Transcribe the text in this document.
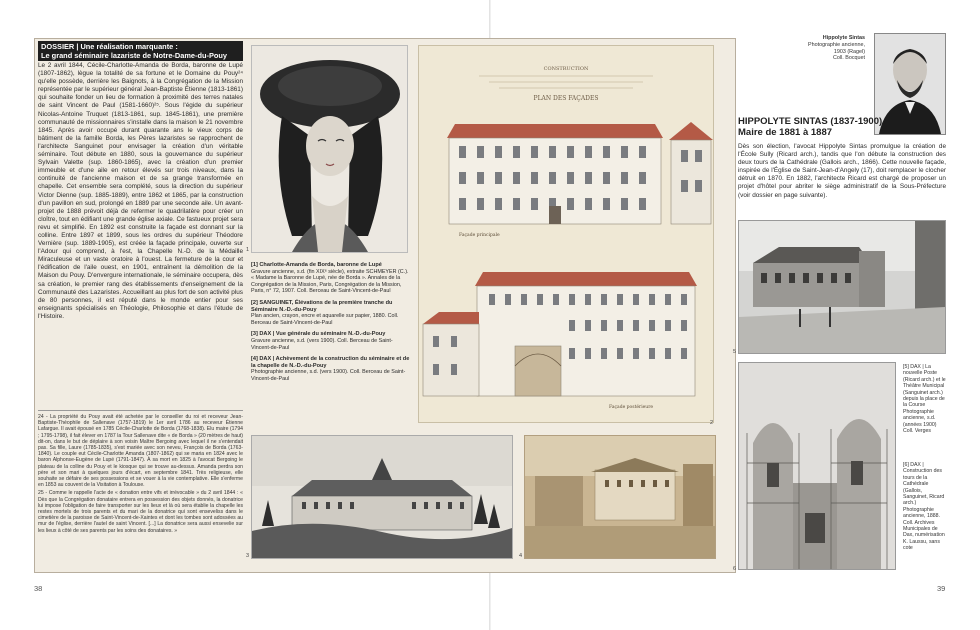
DOSSIER | Une réalisation marquante :
Le grand séminaire lazariste de Notre-Dame-du-Pouy

Le 2 avril 1844, Cécile-Charlotte-Amanda de Borda, baronne de Lupé (1807-1862), lègue la totalité de sa fortune et le Domaine du Pouy²⁴ qu'elle possède, derrière les Baignots, à la Congrégation de la Mission représentée par le supérieur général Jean-Baptiste Étienne (1813-1861) qui souhaite fonder un lieu de formation à proximité des terres natales de saint Vincent de Paul (1581-1660)²⁵. Sous l'égide du supérieur Nicolas-Antoine Truquet (1813-1861, sup. 1845-1861), une première communauté de missionnaires s'installe dans la maison le 21 novembre 1845. Après avoir occupé durant quarante ans le vieux corps de bâtiment de la famille Borda, les Pères lazaristes se rapprochent de l'architecte Sanguinet pour envisager la création d'un véritable séminaire. Tout débute en 1880, sous la gouvernance du supérieur Sylvain Valette (sup. 1860-1865), avec la création d'un premier immeuble et d'une aile en retour élevés sur trois niveaux, dans la continuité de l'ancienne maison et de sa grange transformée en chapelle. Cet ensemble sera complété, sous la direction du supérieur Victor Dienne (sup. 1885-1889), entre 1862 et 1865, par la construction d'un pavillon en sud, prolongé en 1889 par une seconde aile. Un avant-projet de 1888 prévoit déjà de refermer le quadrilatère pour créer un cloître, tout en édifiant une grande église axiale. Ce fastueux projet sera revu et simplifié. En 1892 est construite la façade est donnant sur la colline. Entre 1897 et 1899, sous les ordres du supérieur Théodore Vernière (sup. 1889-1905), est créée la façade principale, ouverte sur l'Adour qui comprend, à l'est, la Chapelle N.-D. de la Médaille Miraculeuse et un vaste oratoire à l'ouest. La fermeture de la cour et l'édification de l'aile ouest, en 1901, entraînent la démolition de la Maison du Pouy. D'envergure internationale, le séminaire occupera, dès sa création, le premier rang des établissements d'enseignement de la Communauté des Lazaristes. Accueillant au plus fort de son activité plus de 80 personnes, il est réputé dans le monde entier pour ses enseignants spécialisés en Théologie, Philosophie et dans l'étude de l'Histoire.

24 - La propriété du Pouy avait été achetée par le conseiller du roi et receveur Jean-Baptiste-Théophile de Sallenave (1757-1819) le 1er avril 1786 au receveur Étienne Lafargue. Il avait épousé en 1785 Cécile-Charlotte de Borda (1768-1838). Elu maire (1794 ; 1795-1798), il fait élever en 1787 la Tour Sallenave dite « de Borda » (20 mètres de haut) dit-on, dans le but de déplaire à son voisin Maître Bergoing avec lequel il ne s'entendait pas. Sa fille, Laure (1785-1835), s'est mariée avec son neveu, François de Borda (1763-1840). Le couple eut Cécile-Charlotte Amanda (1807-1862) qui se maria en 1824 avec le baron Alphonse-Eugène de Lupé (1791-1847). À sa mort en 1825 à l'avocat Bergoing le plateau de la colline du Pouy et le kiosque qui se trouve au-dessus. Amanda perdra son père et son mari à quelques jours d'écart, en septembre 1841. Très religieuse, elle souhaite se défaire de ses possessions et se vouer à la vie contemplative. Elle s'enferme en 1853 au couvent de la Visitation à Toulouse.

25 - Comme le rappelle l'acte de « donation entre vifs et irrévocable » du 2 avril 1844 : « Dès que la Congrégation donataire entrera en possession des objets donnés, la donatrice lui impose l'obligation de faire transporter sur les lieux et là où sera établie la chapelle les restes mortels de trois parents et du mari de la donatrice qui sont enseveliss dans le cimetière de la paroisse de Saint-Vincent-de-Xaintes et dont les tombes sont adossées au mur de l'église, derrière l'autel de saint Vincent. [...] La donatrice sera aussi ensevelie sur les lieux à côté de ses parents par les soins des donataires. »

1
CONSTRUCTION
PLAN DES FAÇADES
Façade principale
Façade postérieure
2

[1] Charlotte-Amanda de Borda, baronne de Lupé
Gravure ancienne, s.d. (fin XIXᵉ siècle), extraite SCHMEYER (C.). « Madame la Baronne de Lupé, née de Borda ». Annales de la Congrégation de la Mission, Paris, Congrégation de la Mission, Paris, n° 72, 1907. Coll. Berceau de Saint-Vincent-de-Paul

[2] SANGUINET, Élévations de la première tranche du Séminaire N.-D.-du-Pouy
Plan ancien, crayon, encre et aquarelle sur papier, 1880. Coll. Berceau de Saint-Vincent-de-Paul

[3] DAX | Vue générale du séminaire N.-D.-du-Pouy
Gravure ancienne, s.d. (vers 1900). Coll. Berceau de Saint-Vincent-de-Paul

[4] DAX | Achèvement de la construction du séminaire et de la chapelle de N.-D.-du-Pouy
Photographie ancienne, s.d. (vers 1900). Coll. Berceau de Saint-Vincent-de-Paul

3	4
Hippolyte Sintas
Photographie ancienne,
1903 (Ragel)
Coll. Bocquet
HIPPOLYTE SINTAS (1837-1900)
Maire de 1881 à 1887

Dès son élection, l'avocat Hippolyte Sintas promulgue la création de l'École Sully (Ricard arch.), tandis que l'on débute la construction des deux tours de la Cathédrale (Gallois arch., 1866). Cette nouvelle façade, inspirée de l'Église de Saint-Jean-d'Angely (17), doit remplacer le clocher détruit en 1870. En 1882, l'architecte Ricard est chargé de proposer un projet d'hôtel pour abriter le siège administratif de la Sous-Préfecture (voir dossier en page suivante).

5
[5] DAX | La nouvelle Poste (Ricard arch.) et le Théâtre Municipal (Sanguinet arch.) depuis la place de la Course Photographie ancienne, s.d. (années 1900) Coll. Verges
6
[6] DAX | Construction des tours de la Cathédrale (Gallois, Sanguinet, Ricard arch.) Photographie ancienne, 1888. Coll. Archives Municipales de Dax, numérisation K. Laussu, sans cote
38	39
